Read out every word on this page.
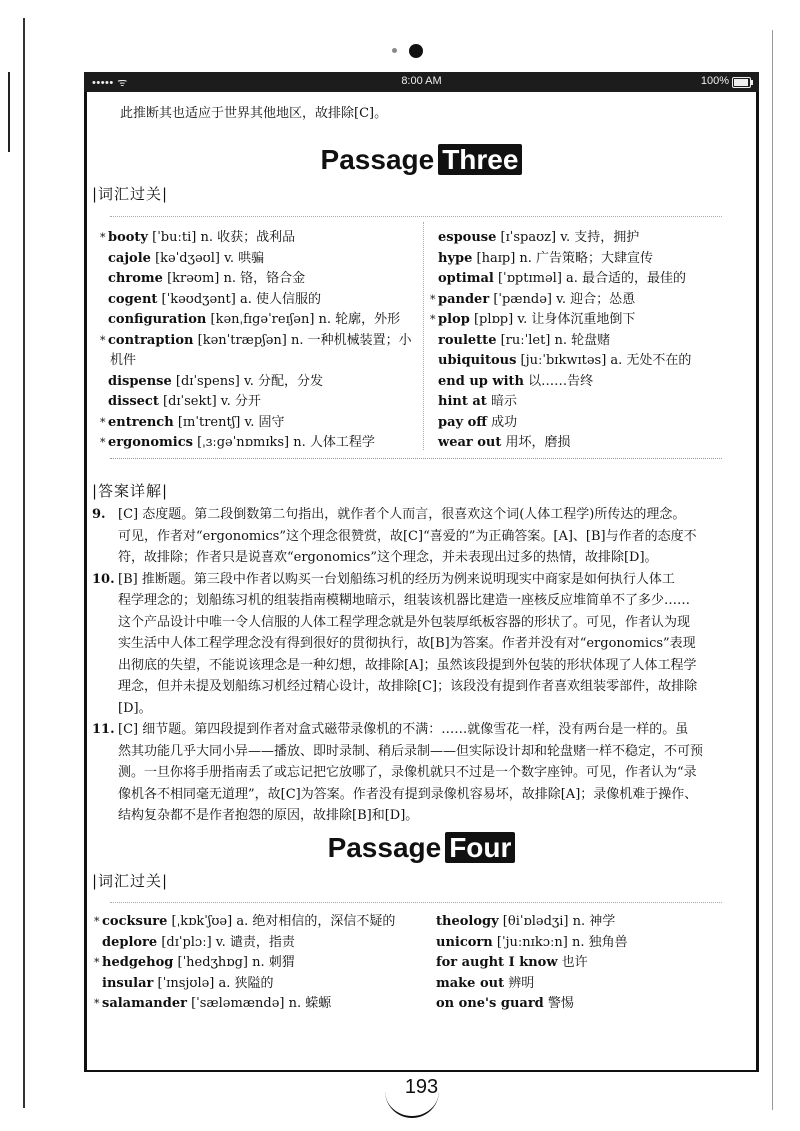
••••• ᯤ	8:00 AM	100%
此推断其也适应于世界其他地区，故排除[C]。
Passage Three
|词汇过关|
* booty [ˈbuːti] n. 收获；战利品
cajole [kəˈdʒəʊl] v. 哄骗
chrome [krəʊm] n. 铬，铬合金
cogent [ˈkəʊdʒənt] a. 使人信服的
configuration [kənˌfɪgəˈreɪʃən] n. 轮廓，外形
* contraption [kənˈtræpʃən] n. 一种机械装置；小
机件
dispense [dɪˈspens] v. 分配，分发
dissect [dɪˈsekt] v. 分开
* entrench [ɪnˈtrentʃ] v. 固守
* ergonomics [ˌɜːgəˈnɒmɪks] n. 人体工程学
espouse [ɪˈspaʊz] v. 支持，拥护
hype [haɪp] n. 广告策略；大肆宣传
optimal [ˈɒptɪməl] a. 最合适的，最佳的
* pander [ˈpændə] v. 迎合；怂恿
* plop [plɒp] v. 让身体沉重地倒下
roulette [ruːˈlet] n. 轮盘赌
ubiquitous [juːˈbɪkwɪtəs] a. 无处不在的
end up with 以……告终
hint at 暗示
pay off 成功
wear out 用坏，磨损
|答案详解|
9. [C] 态度题。第二段倒数第二句指出，就作者个人而言，很喜欢这个词(人体工程学)所传达的理念。
可见，作者对“ergonomics”这个理念很赞赏，故[C]“喜爱的”为正确答案。[A]、[B]与作者的态度不
符，故排除；作者只是说喜欢“ergonomics”这个理念，并未表现出过多的热情，故排除[D]。
10. [B] 推断题。第三段中作者以购买一台划船练习机的经历为例来说明现实中商家是如何执行人体工
程学理念的；划船练习机的组装指南模糊地暗示，组装该机器比建造一座核反应堆简单不了多少……
这个产品设计中唯一令人信服的人体工程学理念就是外包装厚纸板容器的形状了。可见，作者认为现
实生活中人体工程学理念没有得到很好的贯彻执行，故[B]为答案。作者并没有对“ergonomics”表现
出彻底的失望，不能说该理念是一种幻想，故排除[A]；虽然该段提到外包装的形状体现了人体工程学
理念，但并未提及划船练习机经过精心设计，故排除[C]；该段没有提到作者喜欢组装零部件，故排除
[D]。
11. [C] 细节题。第四段提到作者对盒式磁带录像机的不满：……就像雪花一样，没有两台是一样的。虽
然其功能几乎大同小异——播放、即时录制、稍后录制——但实际设计却和轮盘赌一样不稳定，不可预
测。一旦你将手册指南丢了或忘记把它放哪了，录像机就只不过是一个数字座钟。可见，作者认为“录
像机各不相同毫无道理”，故[C]为答案。作者没有提到录像机容易坏，故排除[A]；录像机难于操作、
结构复杂都不是作者抱怨的原因，故排除[B]和[D]。
Passage Four
|词汇过关|
* cocksure [ˌkɒkˈʃʊə] a. 绝对相信的，深信不疑的
deplore [dɪˈplɔː] v. 谴责，指责
* hedgehog [ˈhedʒhɒg] n. 刺猬
insular [ˈɪnsjʊlə] a. 狭隘的
* salamander [ˈsæləmændə] n. 蝾螈
theology [θiˈɒlədʒi] n. 神学
unicorn [ˈjuːnɪkɔːn] n. 独角兽
for aught I know 也许
make out 辨明
on one's guard 警惕
193
